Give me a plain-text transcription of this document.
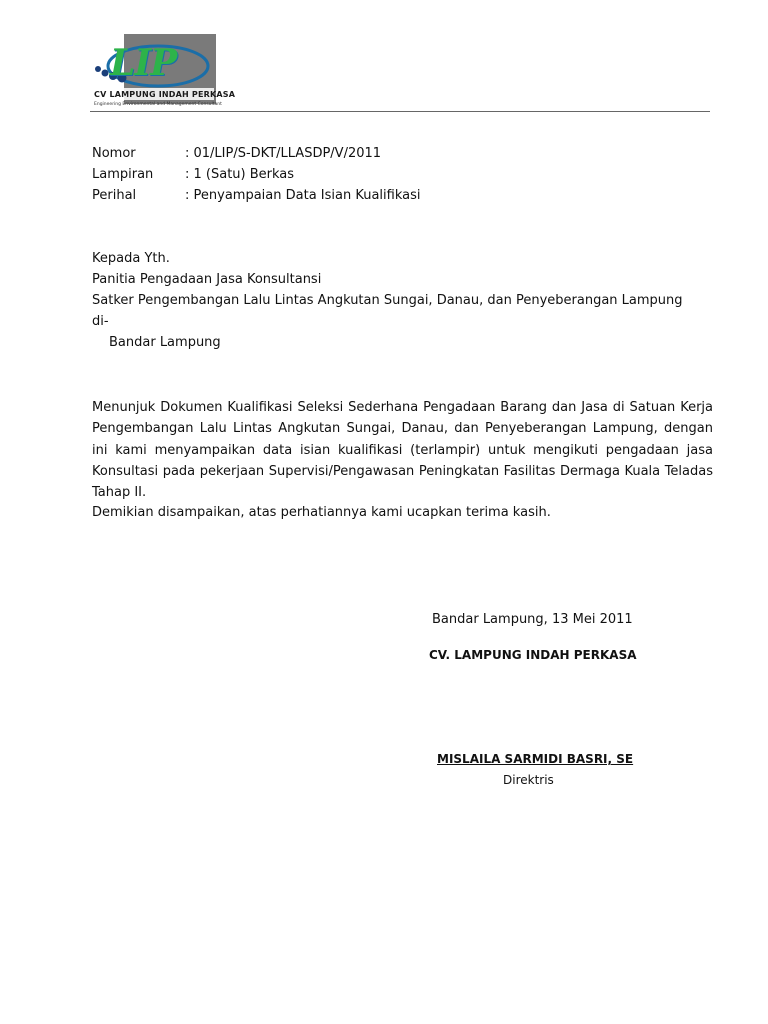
LIP
CV LAMPUNG INDAH PERKASA
Engineering Environmental and Management Consultant
Nomor	: 01/LIP/S-DKT/LLASDP/V/2011
Lampiran	: 1 (Satu) Berkas
Perihal	: Penyampaian Data Isian Kualifikasi
Kepada Yth.
Panitia Pengadaan Jasa Konsultansi
Satker Pengembangan Lalu Lintas Angkutan Sungai, Danau, dan Penyeberangan Lampung
di-
Bandar Lampung
Menunjuk Dokumen Kualifikasi Seleksi Sederhana Pengadaan Barang dan Jasa di Satuan Kerja Pengembangan Lalu Lintas Angkutan Sungai, Danau, dan Penyeberangan Lampung, dengan ini kami menyampaikan data isian kualifikasi (terlampir) untuk mengikuti pengadaan jasa Konsultasi pada pekerjaan Supervisi/Pengawasan Peningkatan Fasilitas Dermaga Kuala Teladas Tahap II.
Demikian disampaikan, atas perhatiannya kami ucapkan terima kasih.
Bandar Lampung, 13 Mei 2011
CV. LAMPUNG INDAH PERKASA
MISLAILA SARMIDI BASRI, SE
Direktris
